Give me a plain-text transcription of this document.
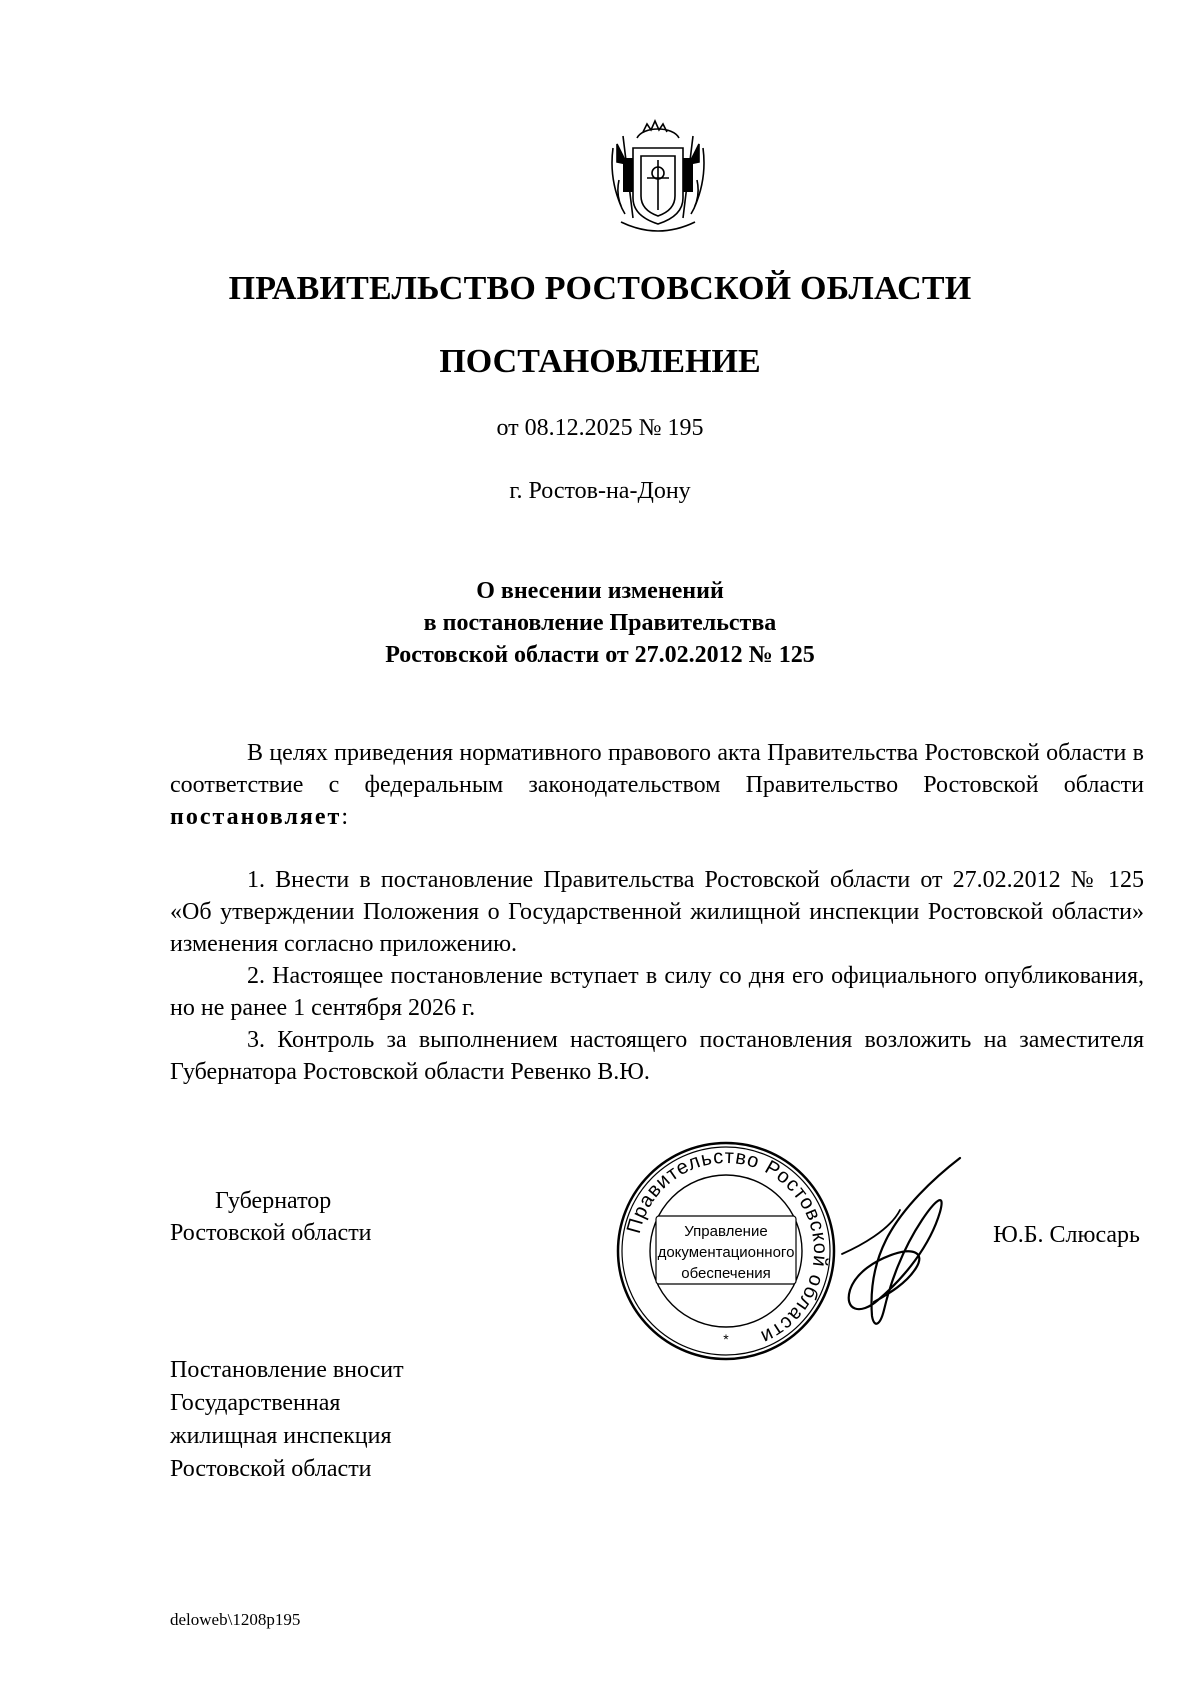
ПРАВИТЕЛЬСТВО РОСТОВСКОЙ ОБЛАСТИ
ПОСТАНОВЛЕНИЕ
от 08.12.2025 № 195
г. Ростов-на-Дону
О внесении изменений
в постановление Правительства
Ростовской области от 27.02.2012 № 125

В целях приведения нормативного правового акта Правительства Ростовской области в соответствие с федеральным законодательством Правительство Ростовской области постановляет:

1. Внести в постановление Правительства Ростовской области от 27.02.2012 № 125 «Об утверждении Положения о Государственной жилищной инспекции Ростовской области» изменения согласно приложению.

2. Настоящее постановление вступает в силу со дня его официального опубликования, но не ранее 1 сентября 2026 г.

3. Контроль за выполнением настоящего постановления возложить на заместителя Губернатора Ростовской области Ревенко В.Ю.

Губернатор
Ростовской области	Правительство Ростовской области
Управление
документационного
обеспечения
*
Ю.Б. Слюсарь
Постановление вносит
Государственная
жилищная инспекция
Ростовской области
deloweb\1208p195
